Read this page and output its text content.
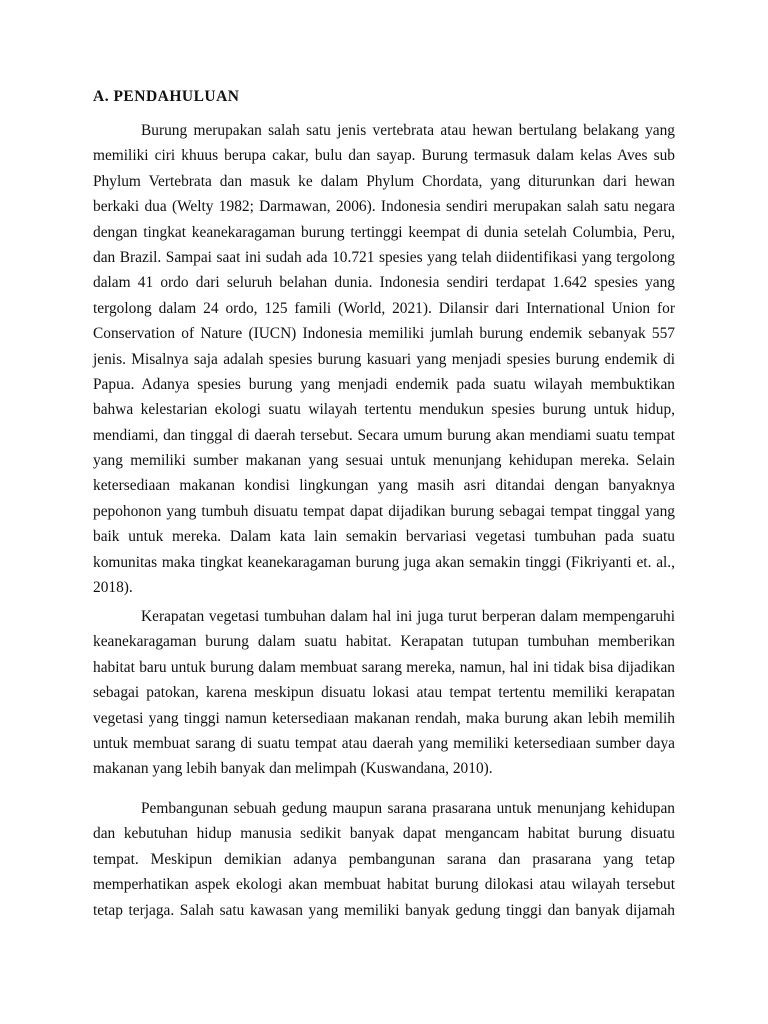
A. PENDAHULUAN
Burung merupakan salah satu jenis vertebrata atau hewan bertulang belakang yang
memiliki ciri khuus berupa cakar, bulu dan sayap. Burung termasuk dalam kelas Aves sub
Phylum Vertebrata dan masuk ke dalam Phylum Chordata, yang diturunkan dari hewan
berkaki dua (Welty 1982; Darmawan, 2006). Indonesia sendiri merupakan salah satu negara
dengan tingkat keanekaragaman burung tertinggi keempat di dunia setelah Columbia, Peru,
dan Brazil. Sampai saat ini sudah ada 10.721 spesies yang telah diidentifikasi yang tergolong
dalam 41 ordo dari seluruh belahan dunia. Indonesia sendiri terdapat 1.642 spesies yang
tergolong dalam 24 ordo, 125 famili (World, 2021). Dilansir dari International Union for
Conservation of Nature (IUCN) Indonesia memiliki jumlah burung endemik sebanyak 557
jenis. Misalnya saja adalah spesies burung kasuari yang menjadi spesies burung endemik di
Papua. Adanya spesies burung yang menjadi endemik pada suatu wilayah membuktikan
bahwa kelestarian ekologi suatu wilayah tertentu mendukun spesies burung untuk hidup,
mendiami, dan tinggal di daerah tersebut. Secara umum burung akan mendiami suatu tempat
yang memiliki sumber makanan yang sesuai untuk menunjang kehidupan mereka. Selain
ketersediaan makanan kondisi lingkungan yang masih asri ditandai dengan banyaknya
pepohonon yang tumbuh disuatu tempat dapat dijadikan burung sebagai tempat tinggal yang
baik untuk mereka. Dalam kata lain semakin bervariasi vegetasi tumbuhan pada suatu
komunitas maka tingkat keanekaragaman burung juga akan semakin tinggi (Fikriyanti et. al.,
2018).
Kerapatan vegetasi tumbuhan dalam hal ini juga turut berperan dalam mempengaruhi
keanekaragaman burung dalam suatu habitat. Kerapatan tutupan tumbuhan memberikan
habitat baru untuk burung dalam membuat sarang mereka, namun, hal ini tidak bisa dijadikan
sebagai patokan, karena meskipun disuatu lokasi atau tempat tertentu memiliki kerapatan
vegetasi yang tinggi namun ketersediaan makanan rendah, maka burung akan lebih memilih
untuk membuat sarang di suatu tempat atau daerah yang memiliki ketersediaan sumber daya
makanan yang lebih banyak dan melimpah (Kuswandana, 2010).
Pembangunan sebuah gedung maupun sarana prasarana untuk menunjang kehidupan
dan kebutuhan hidup manusia sedikit banyak dapat mengancam habitat burung disuatu
tempat. Meskipun demikian adanya pembangunan sarana dan prasarana yang tetap
memperhatikan aspek ekologi akan membuat habitat burung dilokasi atau wilayah tersebut
tetap terjaga. Salah satu kawasan yang memiliki banyak gedung tinggi dan banyak dijamah
